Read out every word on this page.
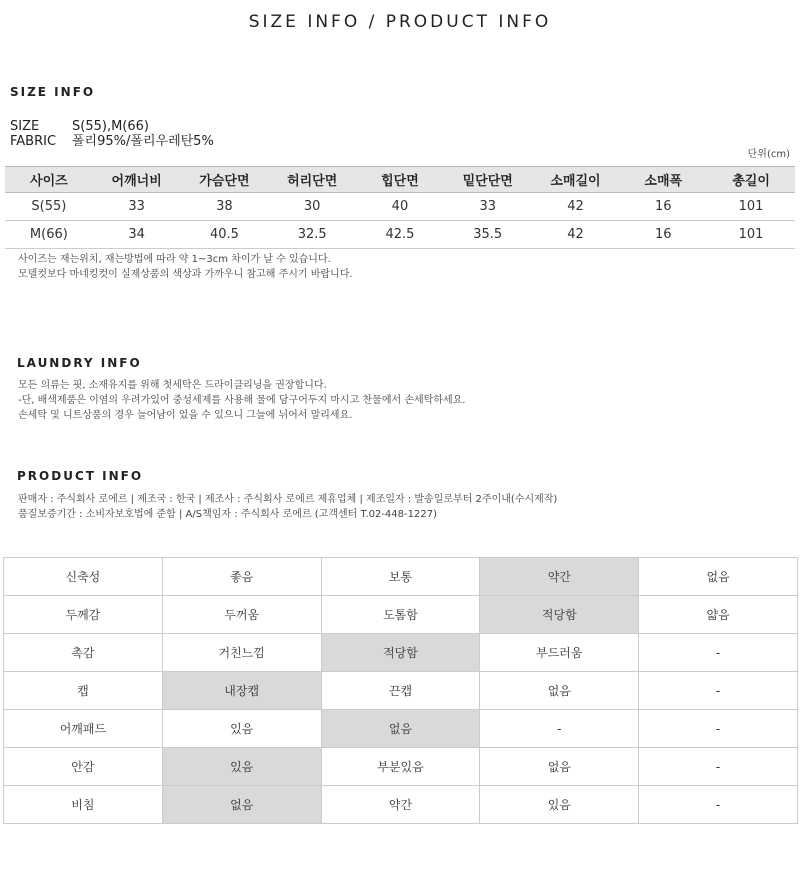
SIZE INFO / PRODUCT INFO
SIZE INFO
SIZE	S(55),M(66)
FABRIC 폴리95%/폴리우레탄5%
단위(cm)
사이즈	어깨너비	가슴단면	허리단면	힙단면	밑단단면	소매길이	소매폭	총길이
S(55)	33	38	30	40	33	42	16	101
M(66)	34	40.5	32.5	42.5	35.5	42	16	101
사이즈는 재는위치, 재는방법에 따라 약 1~3cm 차이가 날 수 있습니다.
모델컷보다 마네킹컷이 실제상품의 색상과 가까우니 참고해 주시기 바랍니다.
LAUNDRY INFO
모든 의류는 핏, 소재유지를 위해 첫세탁은 드라이클리닝을 권장합니다.
-단, 배색제품은 이염의 우려가있어 중성세제를 사용해 물에 담구어두지 마시고 찬물에서 손세탁하세요.
손세탁 및 니트상품의 경우 늘어남이 었을 수 있으니 그늘에 뉘어서 말리세요.
PRODUCT INFO
판매자 : 주식회사 로에르 | 제조국 : 한국 | 제조사 : 주식회사 로에르 제휴업체 | 제조일자 : 발송일로부터 2주이내(수시제작)
품질보증기간 : 소비자보호법에 준함 | A/S책임자 : 주식회사 로에르 (고객센터 T.02-448-1227)
신축성	좋음	보통	약간	없음
두께감	두꺼움	도톰함	적당함	얇음
촉감	거친느낌	적당함	부드러움	-
캡	내장캡	끈캡	없음	-
어깨패드	있음	없음	-	-
안감	있음	부분있음	없음	-
비침	없음	약간	있음	-
